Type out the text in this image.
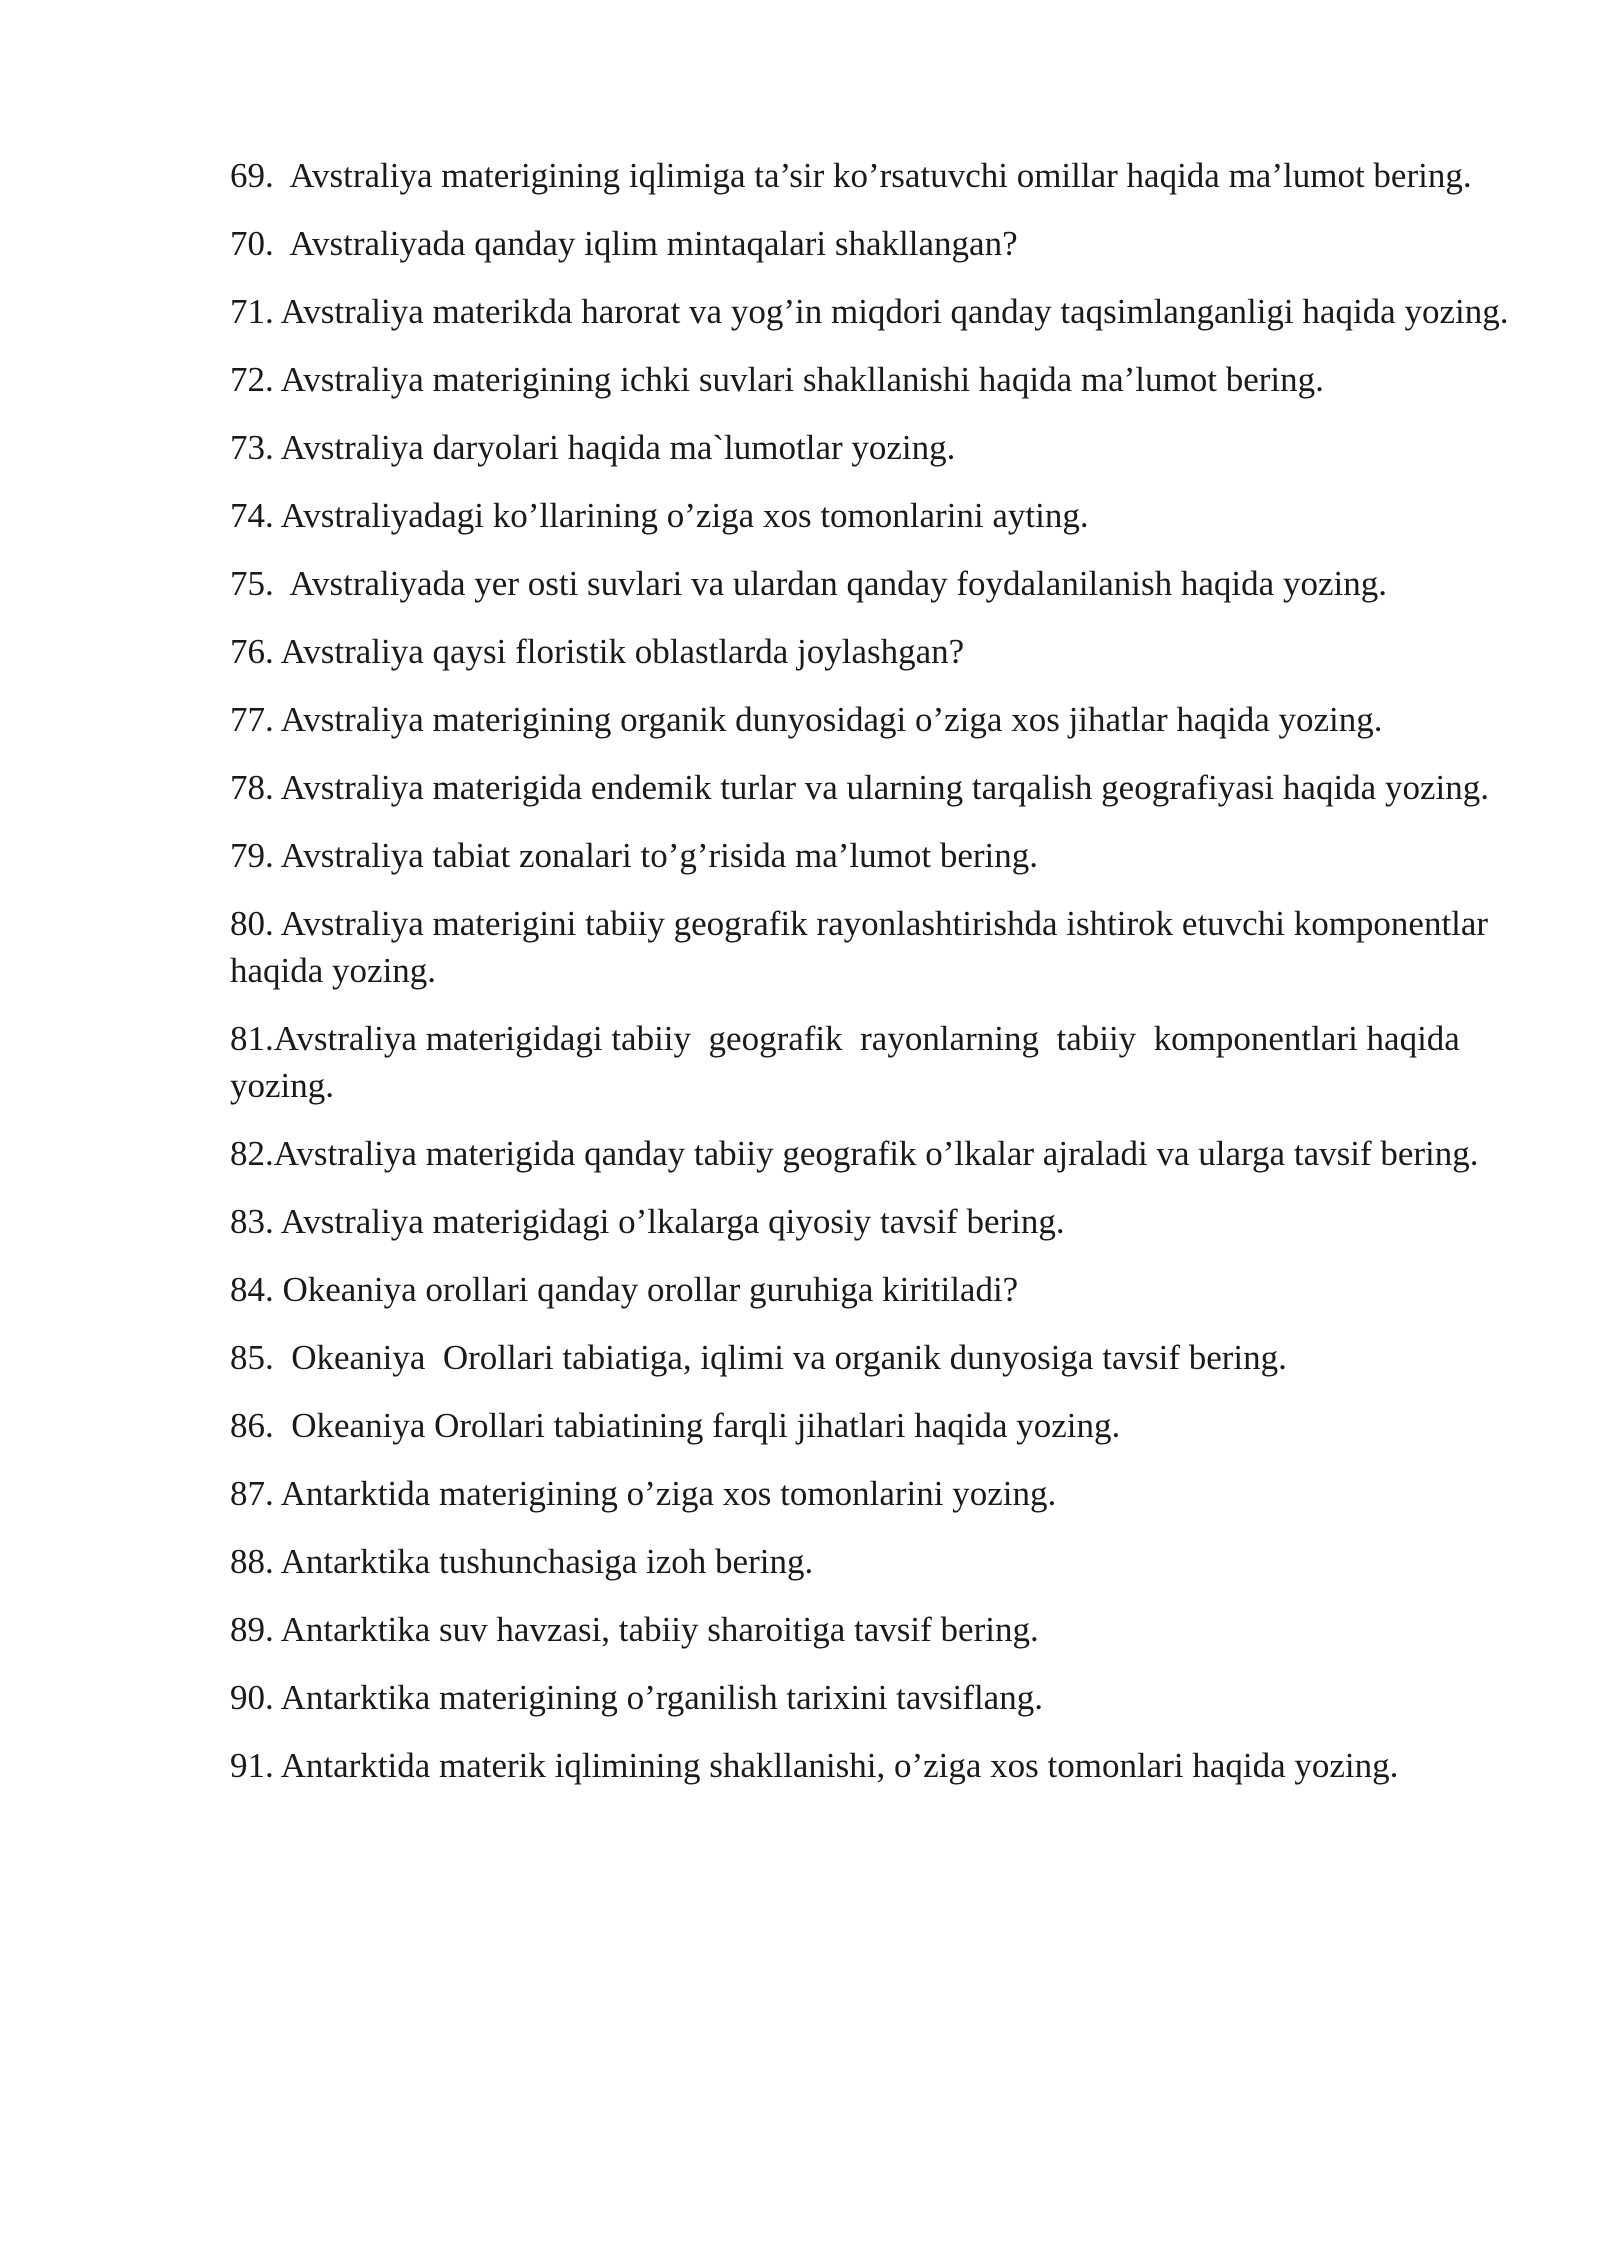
69.  Avstraliya materigining iqlimiga ta’sir ko’rsatuvchi omillar haqida ma’lumot bering.

70.  Avstraliyada qanday iqlim mintaqalari shakllangan?

71. Avstraliya materikda harorat va yog’in miqdori qanday taqsimlanganligi haqida yozing.

72. Avstraliya materigining ichki suvlari shakllanishi haqida ma’lumot bering.

73. Avstraliya daryolari haqida ma`lumotlar yozing.

74. Avstraliyadagi ko’llarining o’ziga xos tomonlarini ayting.

75.  Avstraliyada yer osti suvlari va ulardan qanday foydalanilanish haqida yozing.

76. Avstraliya qaysi floristik oblastlarda joylashgan?

77. Avstraliya materigining organik dunyosidagi o’ziga xos jihatlar haqida yozing.

78. Avstraliya materigida endemik turlar va ularning tarqalish geografiyasi haqida yozing.

79. Avstraliya tabiat zonalari to’g’risida ma’lumot bering.

80. Avstraliya materigini tabiiy geografik rayonlashtirishda ishtirok etuvchi komponentlar haqida yozing.

81.Avstraliya materigidagi tabiiy  geografik  rayonlarning  tabiiy  komponentlari haqida yozing.

82.Avstraliya materigida qanday tabiiy geografik o’lkalar ajraladi va ularga tavsif bering.

83. Avstraliya materigidagi o’lkalarga qiyosiy tavsif bering.

84. Okeaniya orollari qanday orollar guruhiga kiritiladi?

85.  Okeaniya  Orollari tabiatiga, iqlimi va organik dunyosiga tavsif bering.

86.  Okeaniya Orollari tabiatining farqli jihatlari haqida yozing.

87. Antarktida materigining o’ziga xos tomonlarini yozing.

88. Antarktika tushunchasiga izoh bering.

89. Antarktika suv havzasi, tabiiy sharoitiga tavsif bering.

90. Antarktika materigining o’rganilish tarixini tavsiflang.

91. Antarktida materik iqlimining shakllanishi, o’ziga xos tomonlari haqida yozing.
